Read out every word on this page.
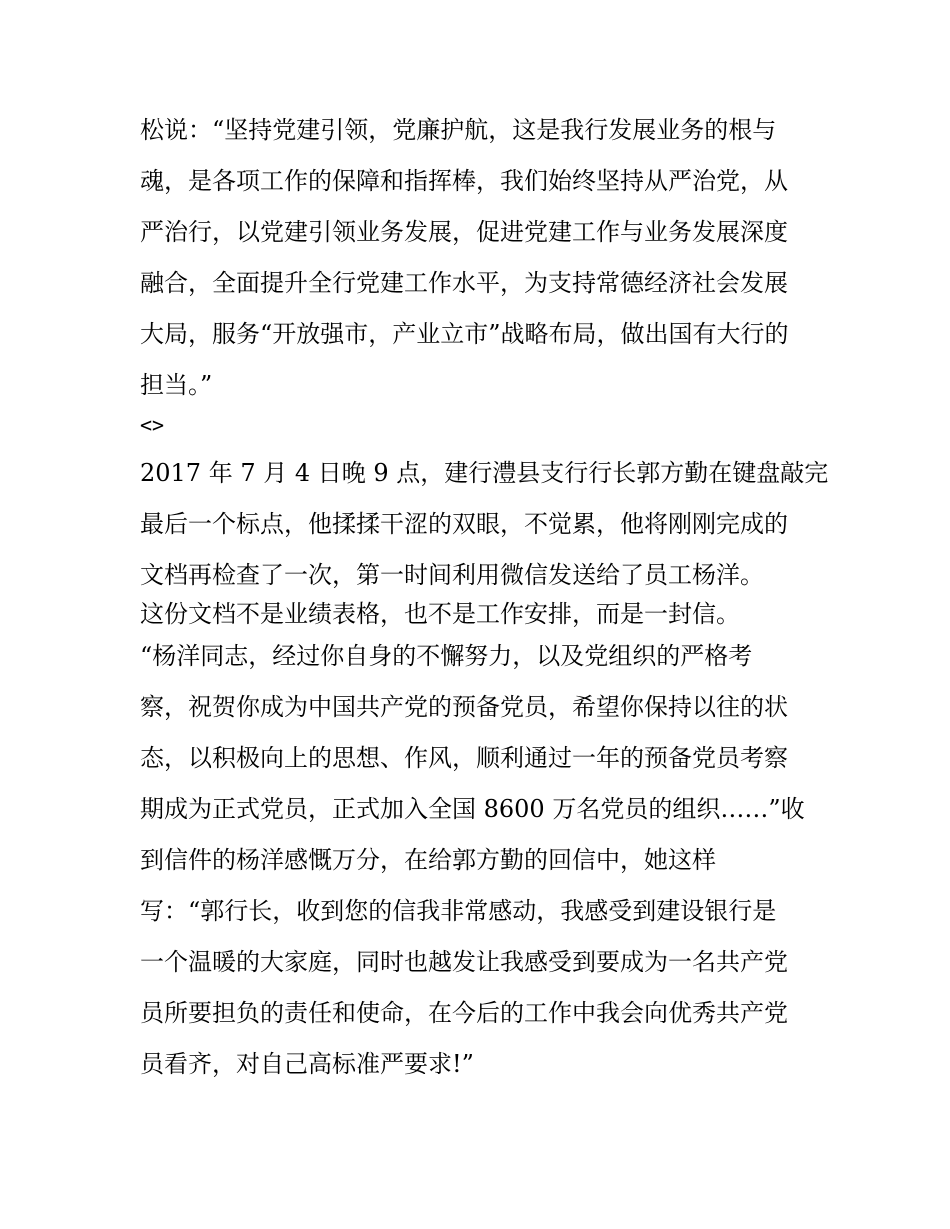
松说：“坚持党建引领，党廉护航，这是我行发展业务的根与
魂，是各项工作的保障和指挥棒，我们始终坚持从严治党，从
严治行，以党建引领业务发展，促进党建工作与业务发展深度
融合，全面提升全行党建工作水平，为支持常德经济社会发展
大局，服务“开放强市，产业立市”战略布局，做出国有大行的
担当。”
<>
2017 年 7 月 4 日晚 9 点，建行澧县支行行长郭方勤在键盘敲完
最后一个标点，他揉揉干涩的双眼，不觉累，他将刚刚完成的
文档再检查了一次，第一时间利用微信发送给了员工杨洋。
这份文档不是业绩表格，也不是工作安排，而是一封信。
“杨洋同志，经过你自身的不懈努力，以及党组织的严格考
察，祝贺你成为中国共产党的预备党员，希望你保持以往的状
态，以积极向上的思想、作风，顺利通过一年的预备党员考察
期成为正式党员，正式加入全国 8600 万名党员的组织……”收
到信件的杨洋感慨万分，在给郭方勤的回信中，她这样
写：“郭行长，收到您的信我非常感动，我感受到建设银行是
一个温暖的大家庭，同时也越发让我感受到要成为一名共产党
员所要担负的责任和使命，在今后的工作中我会向优秀共产党
员看齐，对自己高标准严要求!”
